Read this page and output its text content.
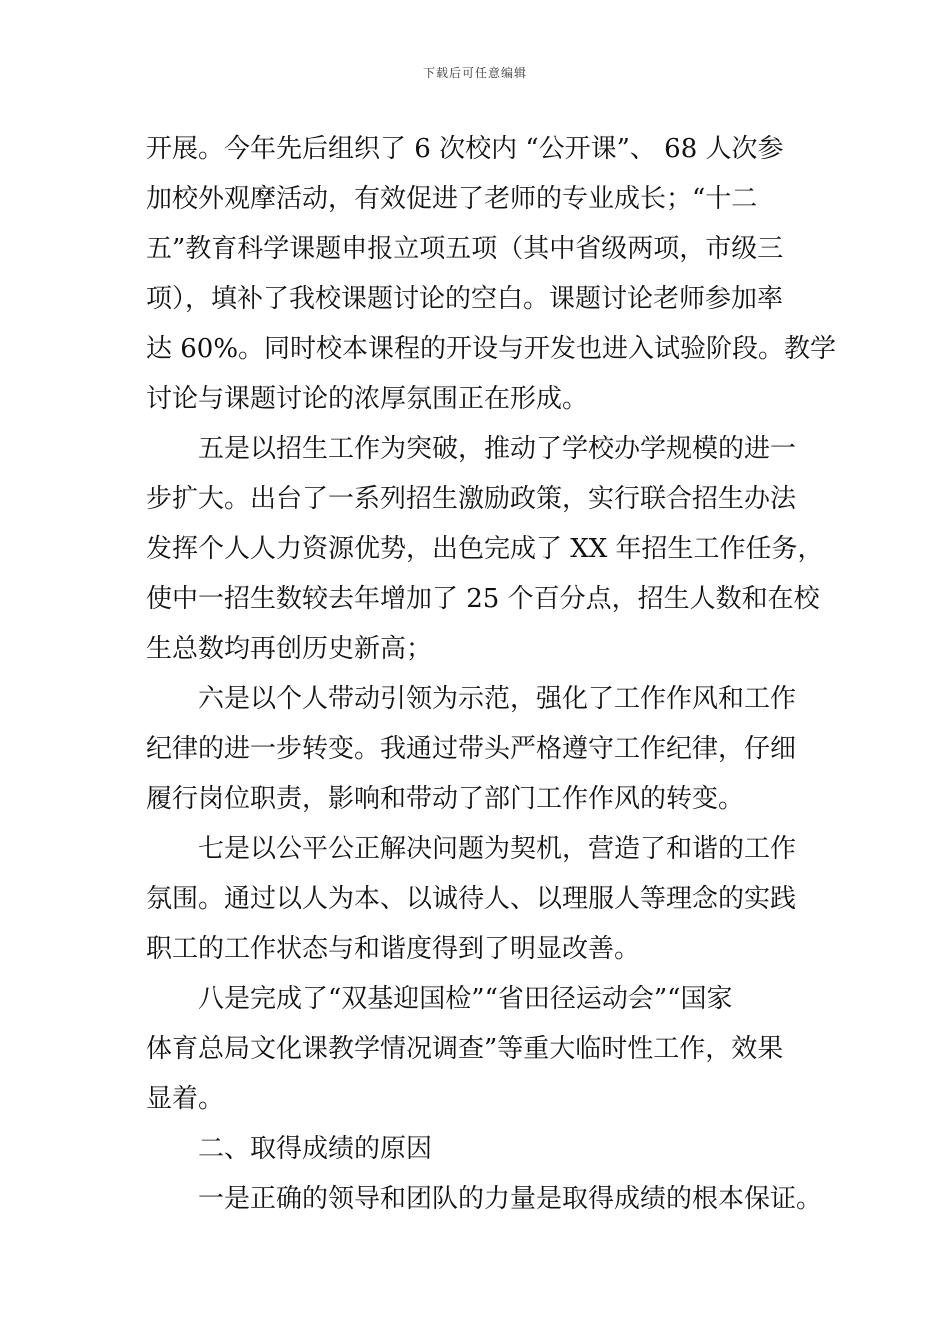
下载后可任意编辑
开展。今年先后组织了 6 次校内 “公开课”、 68 人次参
加校外观摩活动，有效促进了老师的专业成长；“十二
五”教育科学课题申报立项五项（其中省级两项，市级三
项），填补了我校课题讨论的空白。课题讨论老师参加率
达 60%。同时校本课程的开设与开发也进入试验阶段。教学
讨论与课题讨论的浓厚氛围正在形成。
五是以招生工作为突破，推动了学校办学规模的进一
步扩大。出台了一系列招生激励政策，实行联合招生办法
发挥个人人力资源优势，出色完成了 XX 年招生工作任务，
使中一招生数较去年增加了 25 个百分点，招生人数和在校
生总数均再创历史新高；
六是以个人带动引领为示范，强化了工作作风和工作
纪律的进一步转变。我通过带头严格遵守工作纪律，仔细
履行岗位职责，影响和带动了部门工作作风的转变。
七是以公平公正解决问题为契机，营造了和谐的工作
氛围。通过以人为本、以诚待人、以理服人等理念的实践
职工的工作状态与和谐度得到了明显改善。
八是完成了“双基迎国检”“省田径运动会”“国家
体育总局文化课教学情况调查”等重大临时性工作，效果
显着。
二、取得成绩的原因
一是正确的领导和团队的力量是取得成绩的根本保证。
